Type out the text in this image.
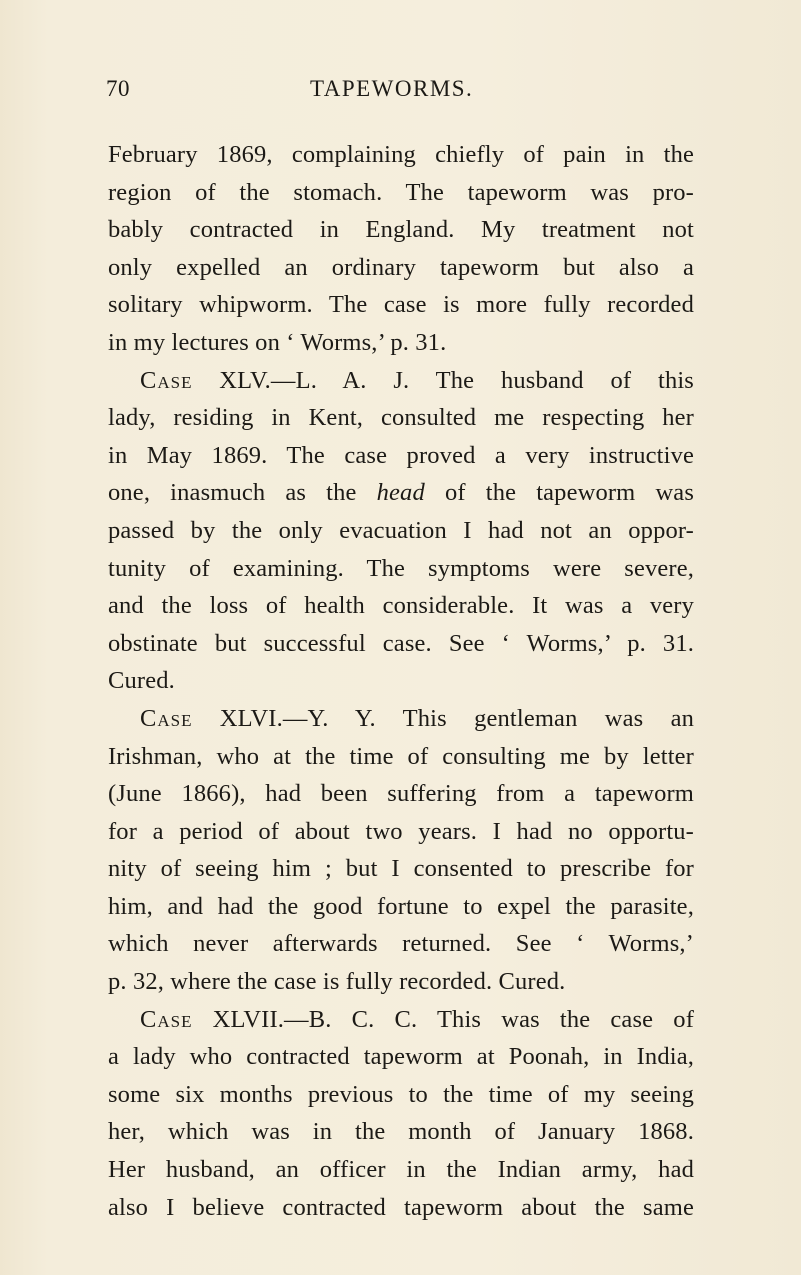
70	TAPEWORMS.
February 1869, complaining chiefly of pain in the
region of the stomach. The tapeworm was pro-
bably contracted in England. My treatment not
only expelled an ordinary tapeworm but also a
solitary whipworm. The case is more fully recorded
in my lectures on ‘ Worms,’ p. 31.
Case XLV.—L. A. J. The husband of this
lady, residing in Kent, consulted me respecting her
in May 1869. The case proved a very instructive
one, inasmuch as the head of the tapeworm was
passed by the only evacuation I had not an oppor-
tunity of examining. The symptoms were severe,
and the loss of health considerable. It was a very
obstinate but successful case. See ‘ Worms,’ p. 31.
Cured.
Case XLVI.—Y. Y. This gentleman was an
Irishman, who at the time of consulting me by letter
(June 1866), had been suffering from a tapeworm
for a period of about two years. I had no opportu-
nity of seeing him ; but I consented to prescribe for
him, and had the good fortune to expel the parasite,
which never afterwards returned. See ‘ Worms,’
p. 32, where the case is fully recorded. Cured.
Case XLVII.—B. C. C. This was the case of
a lady who contracted tapeworm at Poonah, in India,
some six months previous to the time of my seeing
her, which was in the month of January 1868.
Her husband, an officer in the Indian army, had
also I believe contracted tapeworm about the same
